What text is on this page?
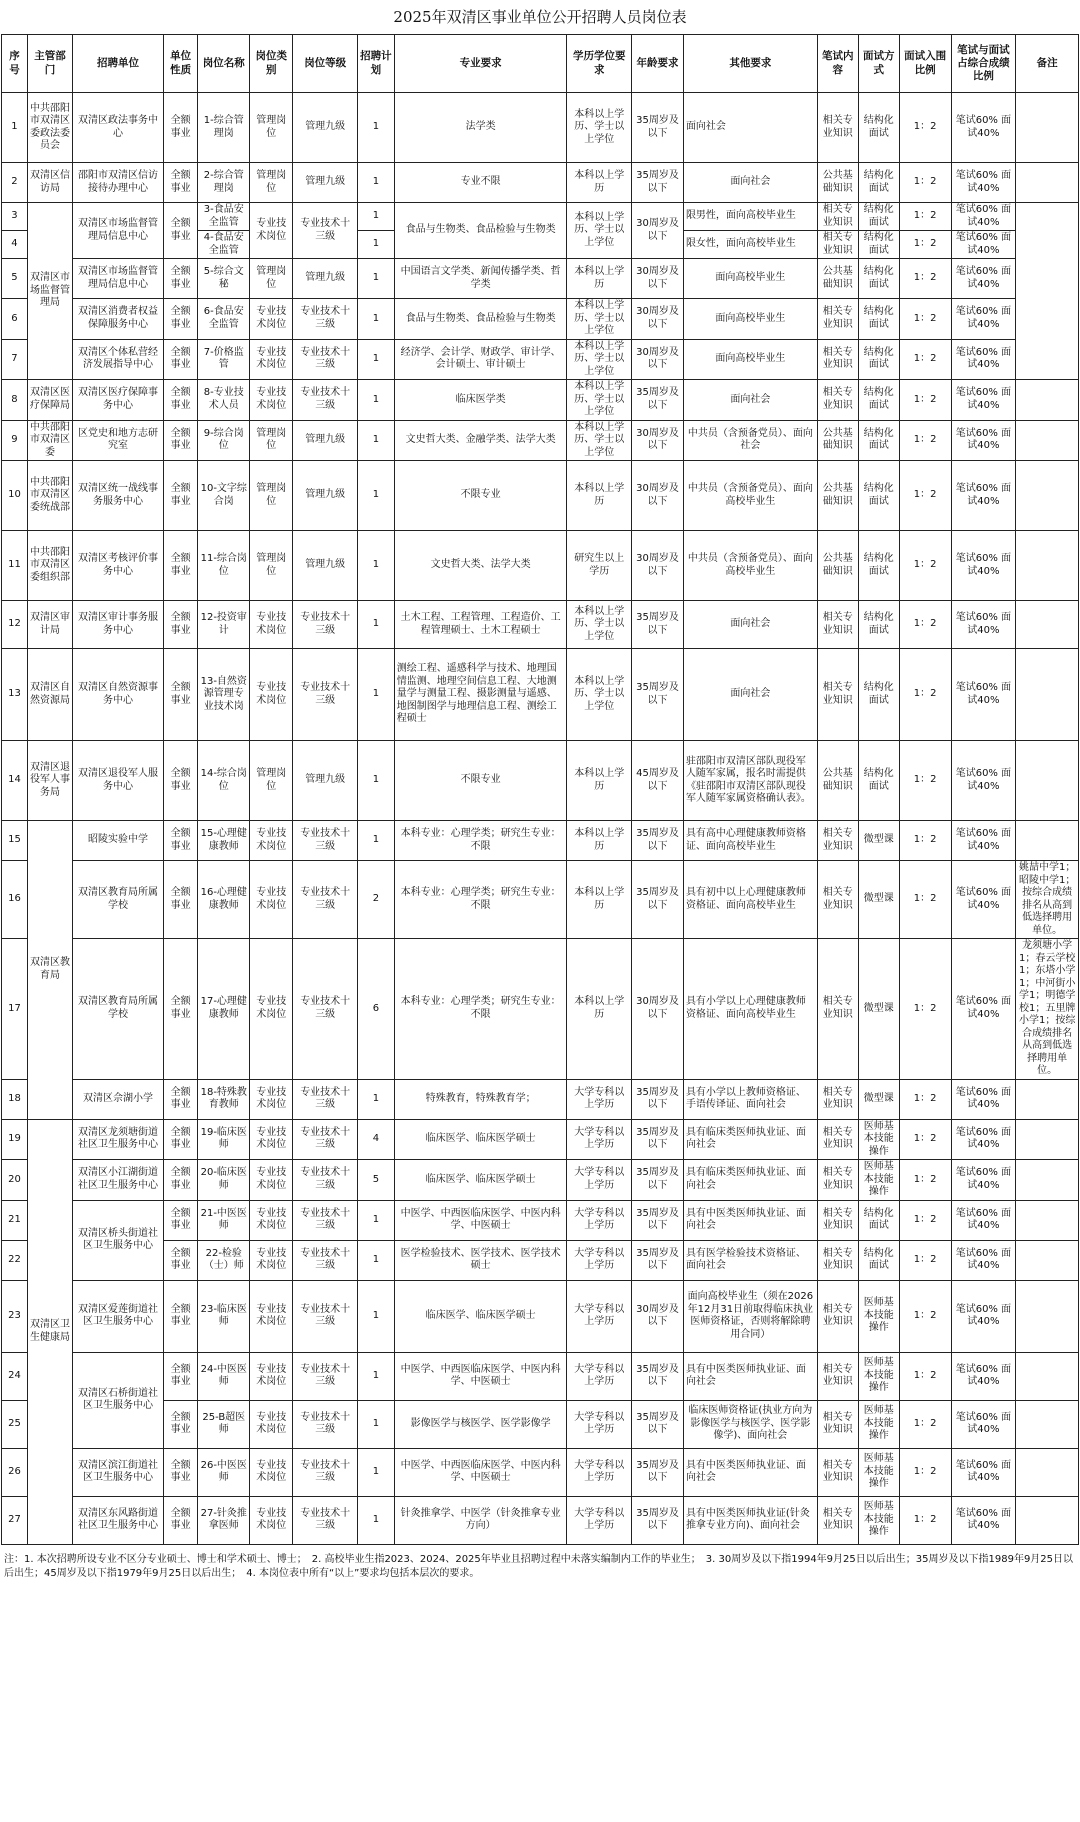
2025年双清区事业单位公开招聘人员岗位表
序号	主管部门	招聘单位	单位性质	岗位名称	岗位类别	岗位等级	招聘计划	专业要求	学历学位要求	年龄要求	其他要求	笔试内容	面试方式	面试入围比例	笔试与面试占综合成绩比例	备注
1	中共邵阳市双清区委政法委员会	双清区政法事务中心	全额事业	1-综合管理岗	管理岗位	管理九级	1	法学类	本科以上学历、学士以上学位	35周岁及以下	面向社会	相关专业知识	结构化面试	1：2	笔试60% 面试40%	
2	双清区信访局	邵阳市双清区信访接待办理中心	全额事业	2-综合管理岗	管理岗位	管理九级	1	专业不限	本科以上学历	35周岁及以下	面向社会	公共基础知识	结构化面试	1：2	笔试60% 面试40%	
3	双清区市场监督管理局	双清区市场监督管理局信息中心	全额事业	3-食品安全监管	专业技术岗位	专业技术十三级	1	食品与生物类、食品检验与生物类	本科以上学历、学士以上学位	30周岁及以下	限男性，面向高校毕业生	相关专业知识	结构化面试	1：2	笔试60% 面试40%	
4				4-食品安全监管			1				限女性，面向高校毕业生	相关专业知识	结构化面试	1：2	笔试60% 面试40%	
5		双清区市场监督管理局信息中心	全额事业	5-综合文秘	管理岗位	管理九级	1	中国语言文学类、新闻传播学类、哲学类	本科以上学历	30周岁及以下	面向高校毕业生	公共基础知识	结构化面试	1：2	笔试60% 面试40%	
6		双清区消费者权益保障服务中心	全额事业	6-食品安全监管	专业技术岗位	专业技术十三级	1	食品与生物类、食品检验与生物类	本科以上学历、学士以上学位	30周岁及以下	面向高校毕业生	相关专业知识	结构化面试	1：2	笔试60% 面试40%	
7		双清区个体私营经济发展指导中心	全额事业	7-价格监管	专业技术岗位	专业技术十三级	1	经济学、会计学、财政学、审计学、会计硕士、审计硕士	本科以上学历、学士以上学位	30周岁及以下	面向高校毕业生	相关专业知识	结构化面试	1：2	笔试60% 面试40%	
8	双清区医疗保障局	双清区医疗保障事务中心	全额事业	8-专业技术人员	专业技术岗位	专业技术十三级	1	临床医学类	本科以上学历、学士以上学位	35周岁及以下	面向社会	相关专业知识	结构化面试	1：2	笔试60% 面试40%	
9	中共邵阳市双清区委	区党史和地方志研究室	全额事业	9-综合岗位	管理岗位	管理九级	1	文史哲大类、金融学类、法学大类	本科以上学历、学士以上学位	30周岁及以下	中共员（含预备党员）、面向社会	公共基础知识	结构化面试	1：2	笔试60% 面试40%	
10	中共邵阳市双清区委统战部	双清区统一战线事务服务中心	全额事业	10-文字综合岗	管理岗位	管理九级	1	不限专业	本科以上学历	30周岁及以下	中共员（含预备党员）、面向高校毕业生	公共基础知识	结构化面试	1：2	笔试60% 面试40%	
11	中共邵阳市双清区委组织部	双清区考核评价事务中心	全额事业	11-综合岗位	管理岗位	管理九级	1	文史哲大类、法学大类	研究生以上学历	30周岁及以下	中共员（含预备党员）、面向高校毕业生	公共基础知识	结构化面试	1：2	笔试60% 面试40%	
12	双清区审计局	双清区审计事务服务中心	全额事业	12-投资审计	专业技术岗位	专业技术十三级	1	土木工程、工程管理、工程造价、工程管理硕士、土木工程硕士	本科以上学历、学士以上学位	35周岁及以下	面向社会	相关专业知识	结构化面试	1：2	笔试60% 面试40%	
13	双清区自然资源局	双清区自然资源事务中心	全额事业	13-自然资源管理专业技术岗	专业技术岗位	专业技术十三级	1	测绘工程、遥感科学与技术、地理国情监测、地理空间信息工程、大地测量学与测量工程、摄影测量与遥感、地图制图学与地理信息工程、测绘工程硕士	本科以上学历、学士以上学位	35周岁及以下	面向社会	相关专业知识	结构化面试	1：2	笔试60% 面试40%	
14	双清区退役军人事务局	双清区退役军人服务中心	全额事业	14-综合岗位	管理岗位	管理九级	1	不限专业	本科以上学历	45周岁及以下	驻邵阳市双清区部队现役军人随军家属，报名时需提供《驻邵阳市双清区部队现役军人随军家属资格确认表》。	公共基础知识	结构化面试	1：2	笔试60% 面试40%	
15	双清区教育局	昭陵实验中学	全额事业	15-心理健康教师	专业技术岗位	专业技术十三级	1	本科专业：心理学类；研究生专业：不限	本科以上学历	35周岁及以下	具有高中心理健康教师资格证、面向高校毕业生	相关专业知识	微型课	1：2	笔试60% 面试40%	
16		双清区教育局所属学校	全额事业	16-心理健康教师	专业技术岗位	专业技术十三级	2	本科专业：心理学类；研究生专业：不限	本科以上学历	35周岁及以下	具有初中以上心理健康教师资格证、面向高校毕业生	相关专业知识	微型课	1：2	笔试60% 面试40%	姚喆中学1；昭陵中学1；按综合成绩排名从高到低选择聘用单位。
17		双清区教育局所属学校	全额事业	17-心理健康教师	专业技术岗位	专业技术十三级	6	本科专业：心理学类；研究生专业：不限	本科以上学历	30周岁及以下	具有小学以上心理健康教师资格证、面向高校毕业生	相关专业知识	微型课	1：2	笔试60% 面试40%	龙须塘小学1；春云学校1；东塔小学1；中河街小学1；明德学校1；五里牌小学1；按综合成绩排名从高到低选择聘用单位。
18		双清区佘湖小学	全额事业	18-特殊教育教师	专业技术岗位	专业技术十三级	1	特殊教育，特殊教育学；	大学专科以上学历	35周岁及以下	具有小学以上教师资格证、手语传译证、面向社会	相关专业知识	微型课	1：2	笔试60% 面试40%	
19	双清区卫生健康局	双清区龙须塘街道社区卫生服务中心	全额事业	19-临床医师	专业技术岗位	专业技术十三级	4	临床医学、临床医学硕士	大学专科以上学历	35周岁及以下	具有临床类医师执业证、面向社会	相关专业知识	医师基本技能操作	1：2	笔试60% 面试40%	
20		双清区小江湖街道社区卫生服务中心	全额事业	20-临床医师	专业技术岗位	专业技术十三级	5	临床医学、临床医学硕士	大学专科以上学历	35周岁及以下	具有临床类医师执业证、面向社会	相关专业知识	医师基本技能操作	1：2	笔试60% 面试40%	
21		双清区桥头街道社区卫生服务中心	全额事业	21-中医医师	专业技术岗位	专业技术十三级	1	中医学、中西医临床医学、中医内科学、中医硕士	大学专科以上学历	35周岁及以下	具有中医类医师执业证、面向社会	相关专业知识	结构化面试	1：2	笔试60% 面试40%	
22			全额事业	22-检验（士）师	专业技术岗位	专业技术十三级	1	医学检验技术、医学技术、医学技术硕士	大学专科以上学历	35周岁及以下	具有医学检验技术资格证、面向社会	相关专业知识	结构化面试	1：2	笔试60% 面试40%	
23		双清区爱莲街道社区卫生服务中心	全额事业	23-临床医师	专业技术岗位	专业技术十三级	1	临床医学、临床医学硕士	大学专科以上学历	30周岁及以下	面向高校毕业生（须在2026年12月31日前取得临床执业医师资格证，否则将解除聘用合同）	相关专业知识	医师基本技能操作	1：2	笔试60% 面试40%	
24		双清区石桥街道社区卫生服务中心	全额事业	24-中医医师	专业技术岗位	专业技术十三级	1	中医学、中西医临床医学、中医内科学、中医硕士	大学专科以上学历	35周岁及以下	具有中医类医师执业证、面向社会	相关专业知识	医师基本技能操作	1：2	笔试60% 面试40%	
25			全额事业	25-B超医师	专业技术岗位	专业技术十三级	1	影像医学与核医学、医学影像学	大学专科以上学历	35周岁及以下	临床医师资格证(执业方向为影像医学与核医学、医学影像学)、面向社会	相关专业知识	医师基本技能操作	1：2	笔试60% 面试40%	
26		双清区滨江街道社区卫生服务中心	全额事业	26-中医医师	专业技术岗位	专业技术十三级	1	中医学、中西医临床医学、中医内科学、中医硕士	大学专科以上学历	35周岁及以下	具有中医类医师执业证、面向社会	相关专业知识	医师基本技能操作	1：2	笔试60% 面试40%	
27		双清区东风路街道社区卫生服务中心	全额事业	27-针灸推拿医师	专业技术岗位	专业技术十三级	1	针灸推拿学、中医学（针灸推拿专业方向）	大学专科以上学历	35周岁及以下	具有中医类医师执业证(针灸推拿专业方向)、面向社会	相关专业知识	医师基本技能操作	1：2	笔试60% 面试40%	
注：1. 本次招聘所设专业不区分专业硕士、博士和学术硕士、博士；　2. 高校毕业生指2023、2024、2025年毕业且招聘过程中未落实编制内工作的毕业生；　3. 30周岁及以下指1994年9月25日以后出生；35周岁及以下指1989年9月25日以后出生；45周岁及以下指1979年9月25日以后出生；　4. 本岗位表中所有“以上”要求均包括本层次的要求。
